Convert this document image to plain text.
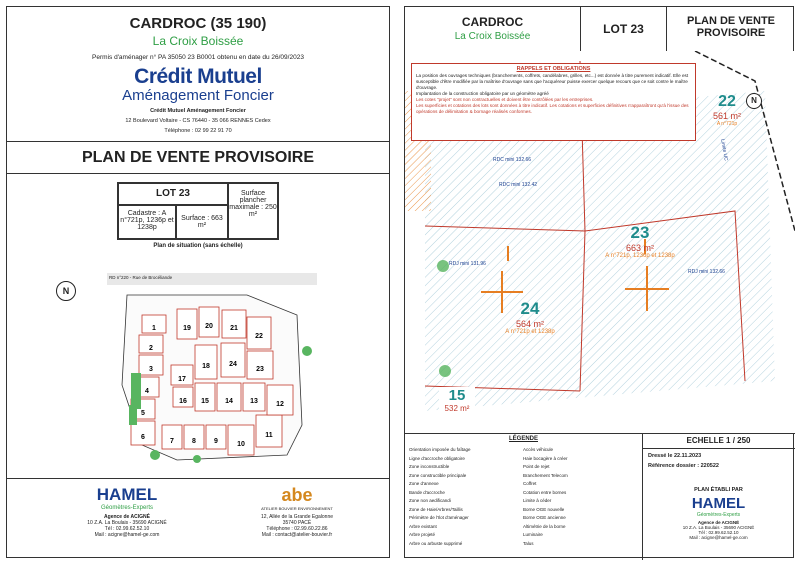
CARDROC (35 190)
La Croix Boissée
Permis d'aménager n° PA 35050 23 B0001 obtenu en date du 26/09/2023
Crédit Mutuel
Aménagement Foncier
Crédit Mutuel Aménagement Foncier
12 Boulevard Voltaire - CS 76440 - 35 066 RENNES Cedex
Téléphone : 02 99 22 91 70
PLAN DE VENTE PROVISOIRE
LOT 23
Cadastre : A n°721p, 1236p et 1238p
Surface : 663 m²
Surface plancher maximale : 250 m²
Plan de situation (sans échelle)
1
2
3
4
5
6
7	8	9	10
11
12
13
14
15
16
17
18
19 20 21
22
23
24
RD n°220 - Rue de Brocéliande
N
HAMEL
Géomètres-Experts
Agence de ACIGNÉ
10 Z.A. La Boulais - 35690 ACIGNÉ
Tél : 02.99.62.52.10
Mail : acigne@hamel-ge.com
abe
ATELIER BOUVIER ENVIRONNEMENT
12, Allée de la Grande Egalonne
35740 PACÉ
Téléphone : 02.99.60.22.86
Mail : contact@atelier-bouvier.fr
CARDROC
La Croix Boissée
LOT 23
PLAN DE VENTE
PROVISOIRE
RAPPELS ET OBLIGATIONS
La position des ouvrages techniques (branchements, coffrets, candélabres, grilles, etc...) est donnée à titre purement indicatif. Elle est susceptible d'être modifiée par la maîtrise d'ouvrage sans que l'acquéreur puisse exercer quelque recours que ce soit contre le maître d'ouvrage.
Implantation de la construction obligatoire par un géomètre agréé
Les cotes "projet" sont non contractuelles et doivent être contrôlées par les entreprises.
Les superficies et cotations des lots sont données à titre indicatif. Les cotations et superficies définitives n'apparaîtront qu'à l'issue des opérations de délimitation & bornage réalisés conformes.
22
561 m²
A n°721p
23
663 m²
A n°721p, 1236p et 1238p
24
564 m²
A n°721p et 1238p
15
532 m²
RDC mini 132.66
RDC mini 132.42
RDJ mini 131.96
RDJ mini 132.66
Limite UC
N
LÉGENDE
Orientation imposée du faîtage
Ligne d'accroche obligatoire
Zone inconstructible
Zone constructible principale
Zone d'annexe
Bande d'accroche
Zone non aedificandi
Zone de Haie/Arbres/Taillis
Périmètre de l'Ilot d'aménager
Arbre existant
Arbre projeté
Arbre ou arbuste supprimé
Accès véhicule
Haie bocagère à créer
Point de rejet
Branchement Telecom
Coffret
Cotation entre bornes
Limite à céder
Borne OGE nouvelle
Borne OGE ancienne
Altimétrie de la borne
Luminaire
Talus
ECHELLE 1 / 250
Dressé le 22.11.2023
Référence dossier : 220522
PLAN ÉTABLI PAR
HAMEL
Géomètres-Experts
Agence de ACIGNÉ
10 Z.A. La Boulais - 35690 ACIGNÉ
Tél : 02.99.62.52.10
Mail : acigne@hamel-ge.com
